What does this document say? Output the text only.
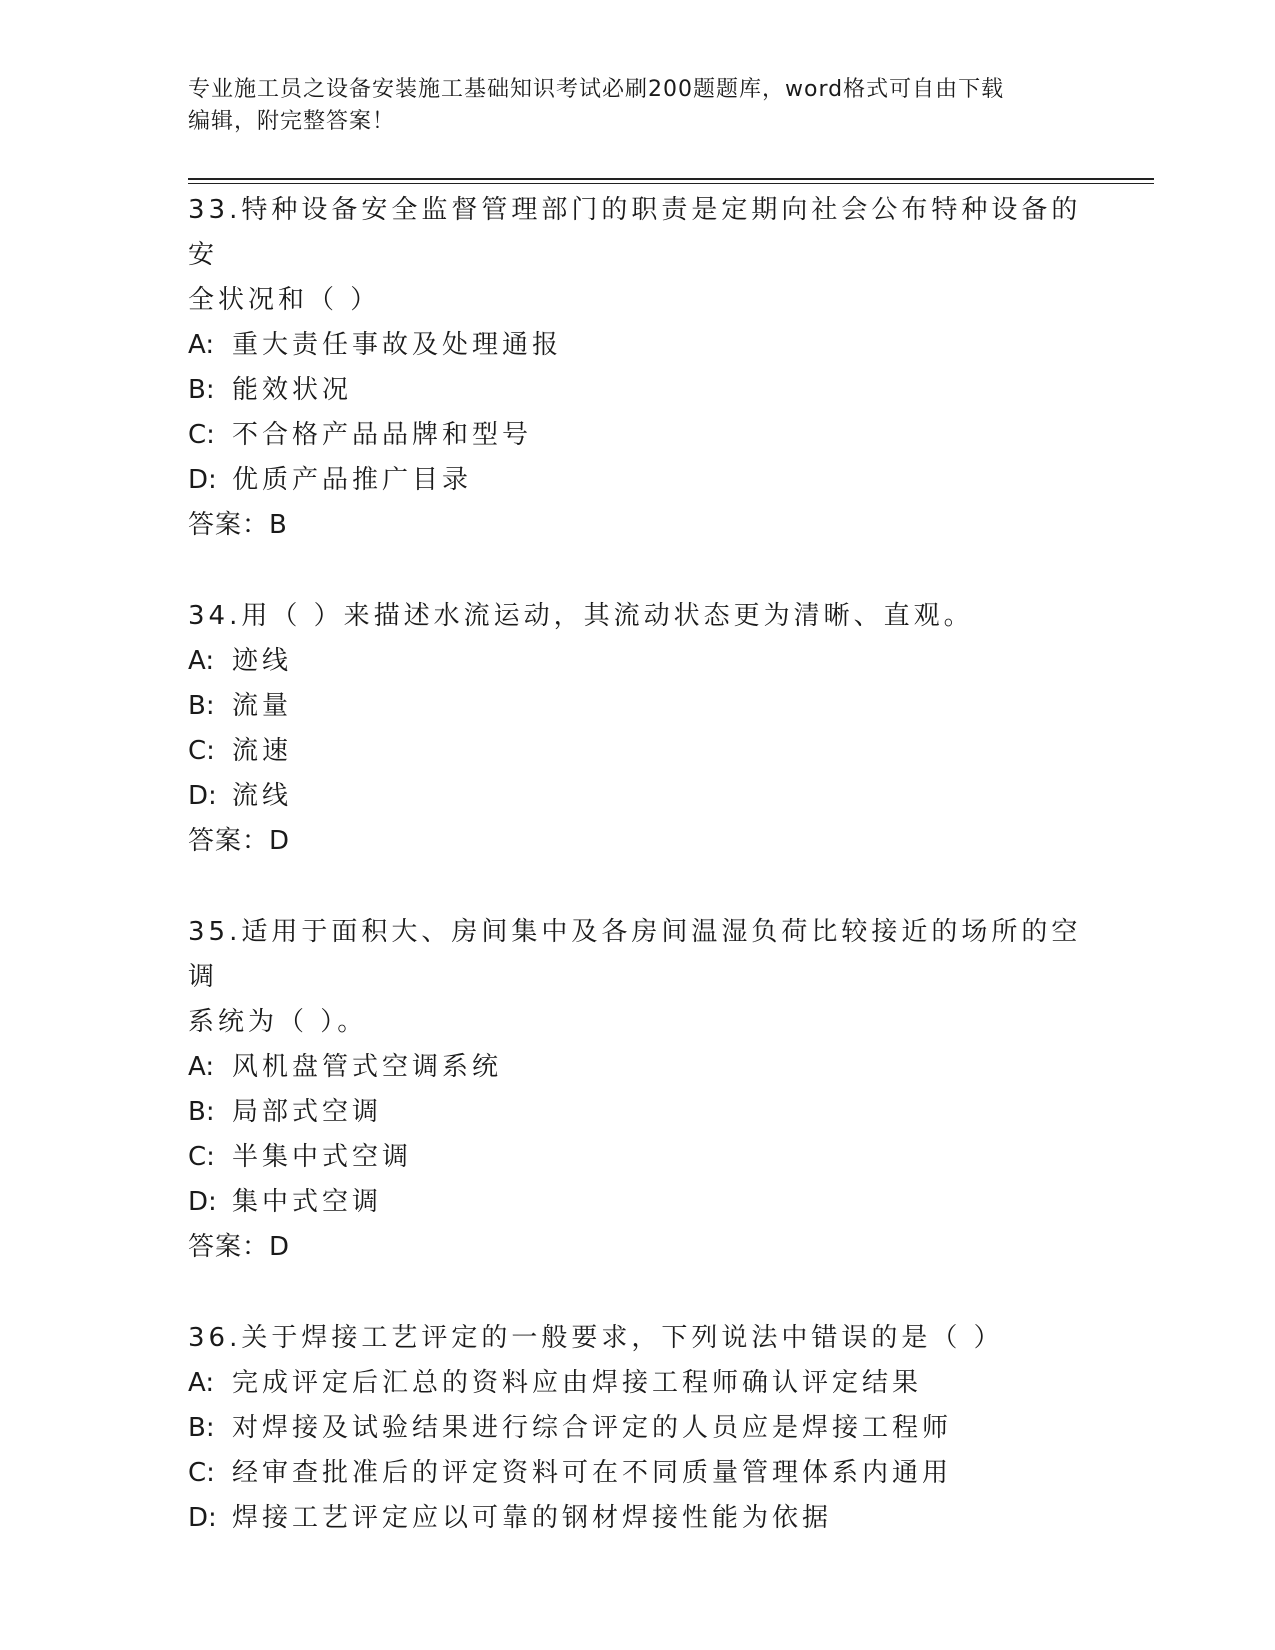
专业施工员之设备安装施工基础知识考试必刷200题题库，word格式可自由下载
编辑，附完整答案！
33.特种设备安全监督管理部门的职责是定期向社会公布特种设备的安
全状况和（ ）
A: 重大责任事故及处理通报
B: 能效状况
C: 不合格产品品牌和型号
D: 优质产品推广目录
答案：B
34.用（ ）来描述水流运动，其流动状态更为清晰、直观。
A: 迹线
B: 流量
C: 流速
D: 流线
答案：D
35.适用于面积大、房间集中及各房间温湿负荷比较接近的场所的空调
系统为（ ）。
A: 风机盘管式空调系统
B: 局部式空调
C: 半集中式空调
D: 集中式空调
答案：D
36.关于焊接工艺评定的一般要求，下列说法中错误的是（ ）
A: 完成评定后汇总的资料应由焊接工程师确认评定结果
B: 对焊接及试验结果进行综合评定的人员应是焊接工程师
C: 经审查批准后的评定资料可在不同质量管理体系内通用
D: 焊接工艺评定应以可靠的钢材焊接性能为依据
